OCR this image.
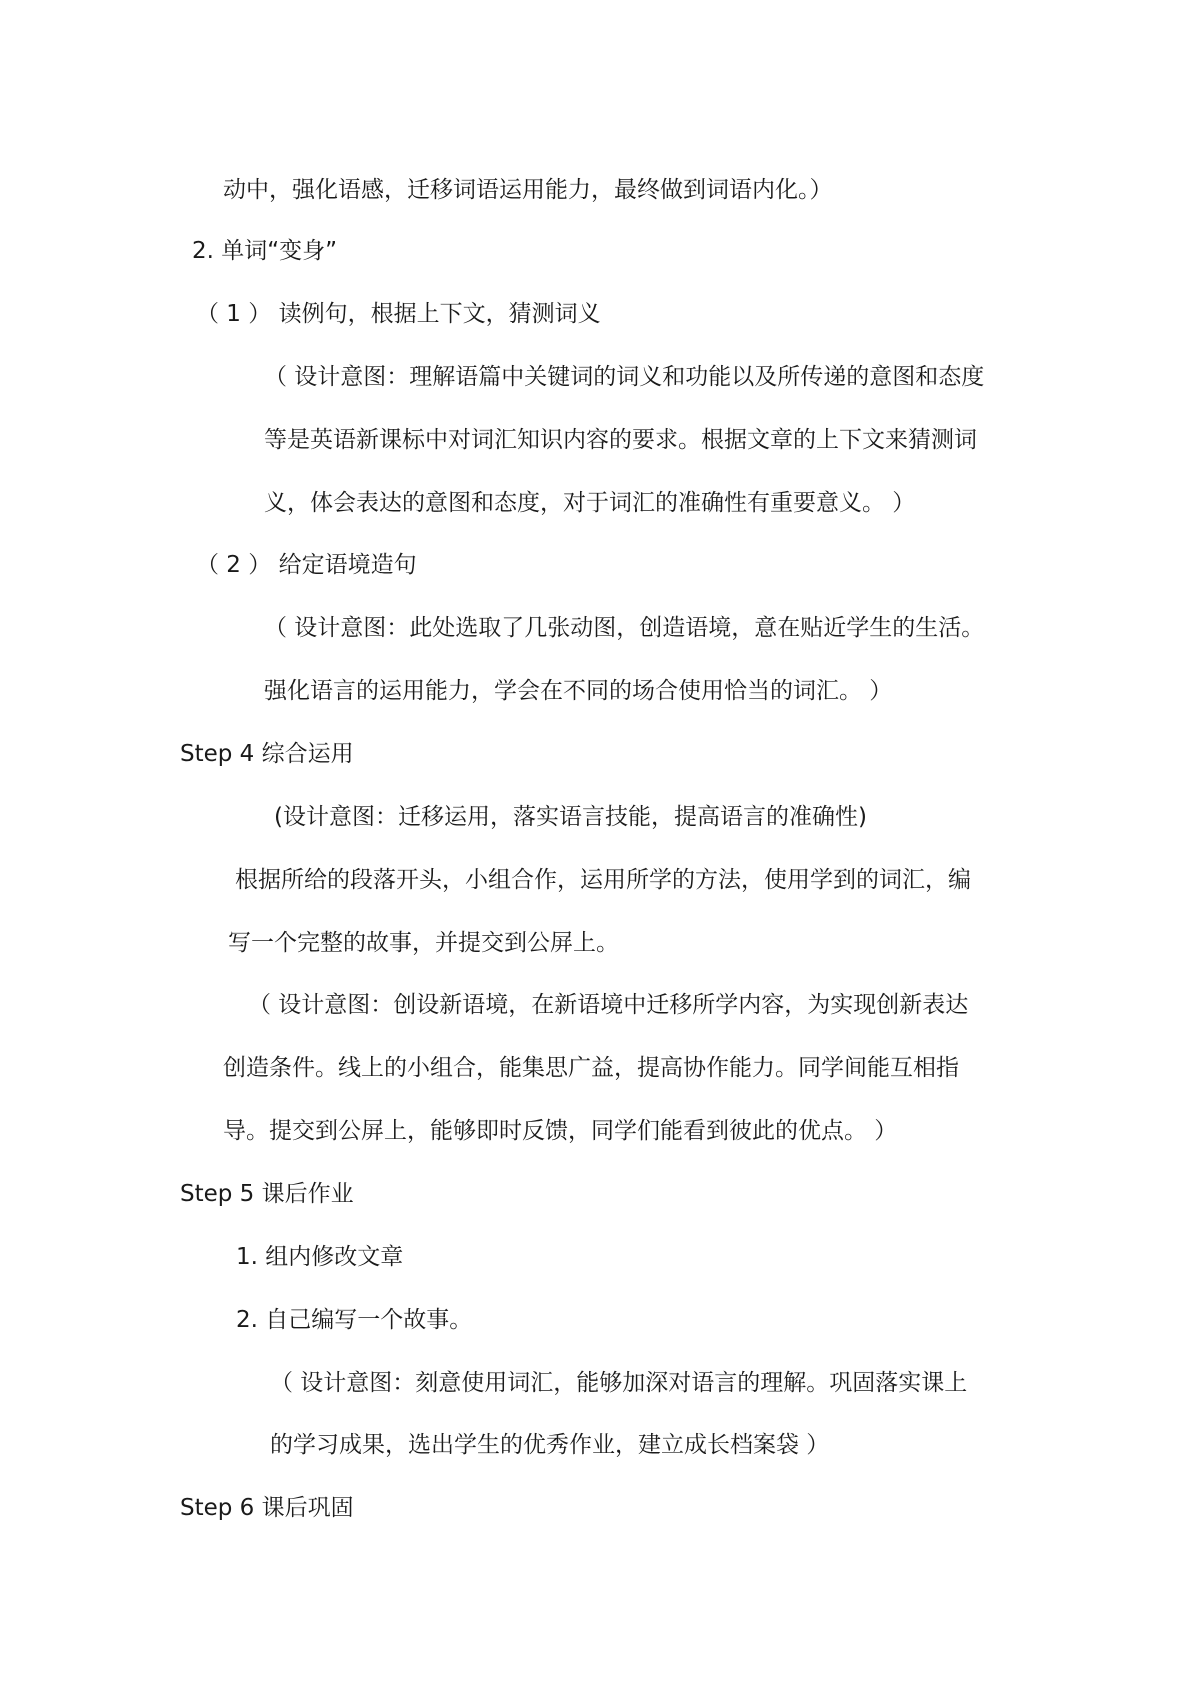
动中，强化语感，迁移词语运用能力，最终做到词语内化。）
2. 单词“变身”
（ 1 ） 读例句，根据上下文，猜测词义
（ 设计意图：理解语篇中关键词的词义和功能以及所传递的意图和态度
等是英语新课标中对词汇知识内容的要求。根据文章的上下文来猜测词
义，体会表达的意图和态度，对于词汇的准确性有重要意义。 ）
（ 2 ） 给定语境造句
（ 设计意图：此处选取了几张动图，创造语境，意在贴近学生的生活。
强化语言的运用能力，学会在不同的场合使用恰当的词汇。 ）
Step 4 综合运用
(设计意图：迁移运用，落实语言技能，提高语言的准确性)
根据所给的段落开头，小组合作，运用所学的方法，使用学到的词汇，编
写一个完整的故事，并提交到公屏上。
（ 设计意图：创设新语境，在新语境中迁移所学内容，为实现创新表达
创造条件。线上的小组合，能集思广益，提高协作能力。同学间能互相指
导。提交到公屏上，能够即时反馈，同学们能看到彼此的优点。 ）
Step 5 课后作业
1. 组内修改文章
2. 自己编写一个故事。
（ 设计意图：刻意使用词汇，能够加深对语言的理解。巩固落实课上
的学习成果，选出学生的优秀作业，建立成长档案袋 ）
Step 6 课后巩固
